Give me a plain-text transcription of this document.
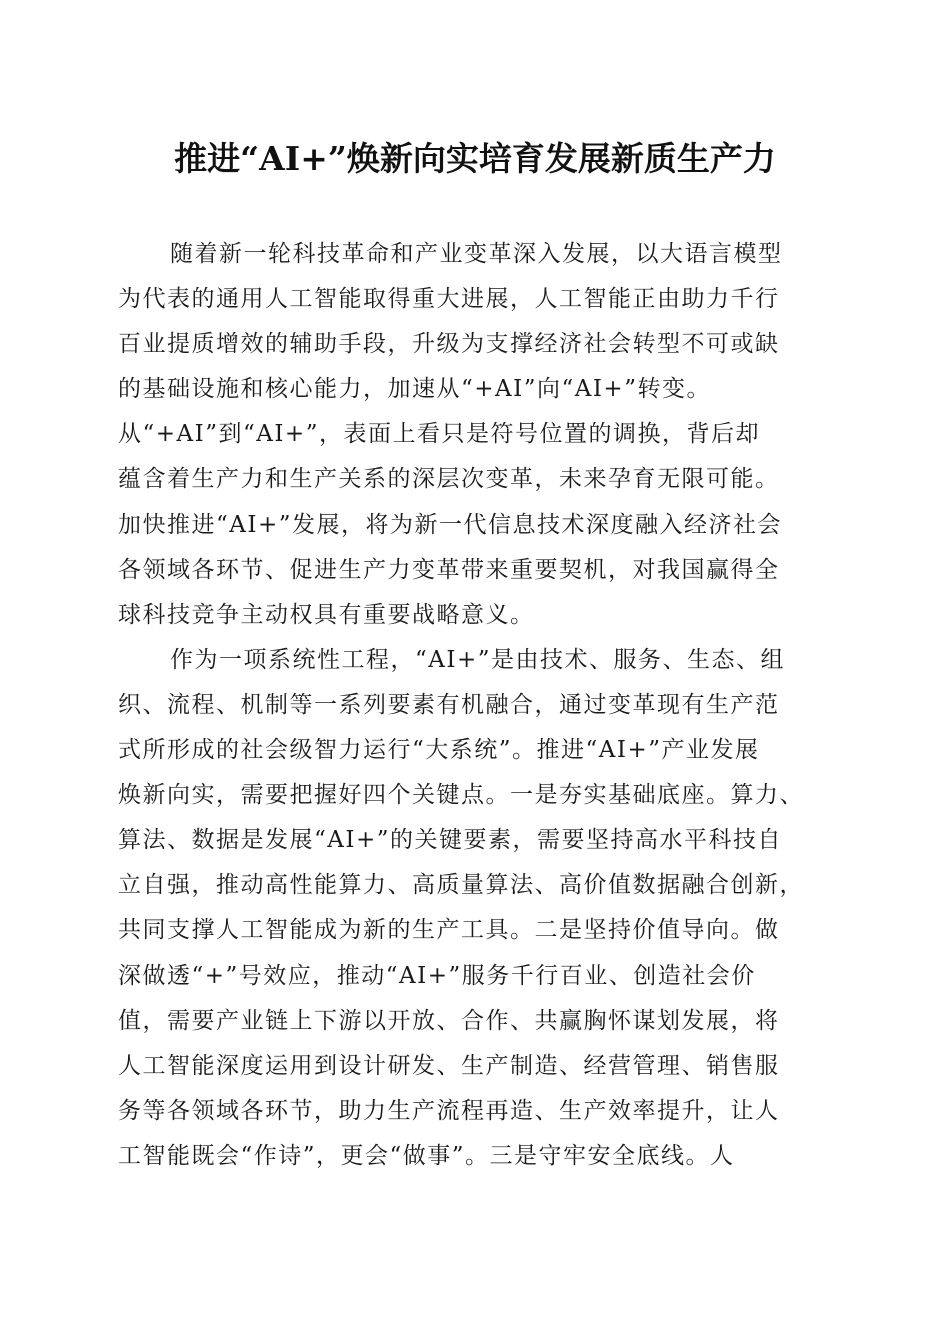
推进“AI+”焕新向实培育发展新质生产力
随着新一轮科技革命和产业变革深入发展，以大语言模型
为代表的通用人工智能取得重大进展，人工智能正由助力千行
百业提质增效的辅助手段，升级为支撑经济社会转型不可或缺
的基础设施和核心能力，加速从“+AI”向“AI+”转变。
从“+AI”到“AI+”，表面上看只是符号位置的调换，背后却
蕴含着生产力和生产关系的深层次变革，未来孕育无限可能。
加快推进“AI+”发展，将为新一代信息技术深度融入经济社会
各领域各环节、促进生产力变革带来重要契机，对我国赢得全
球科技竞争主动权具有重要战略意义。
作为一项系统性工程，“AI+”是由技术、服务、生态、组
织、流程、机制等一系列要素有机融合，通过变革现有生产范
式所形成的社会级智力运行“大系统”。推进“AI+”产业发展
焕新向实，需要把握好四个关键点。一是夯实基础底座。算力、
算法、数据是发展“AI+”的关键要素，需要坚持高水平科技自
立自强，推动高性能算力、高质量算法、高价值数据融合创新，
共同支撑人工智能成为新的生产工具。二是坚持价值导向。做
深做透“+”号效应，推动“AI+”服务千行百业、创造社会价
值，需要产业链上下游以开放、合作、共赢胸怀谋划发展，将
人工智能深度运用到设计研发、生产制造、经营管理、销售服
务等各领域各环节，助力生产流程再造、生产效率提升，让人
工智能既会“作诗”，更会“做事”。三是守牢安全底线。人
